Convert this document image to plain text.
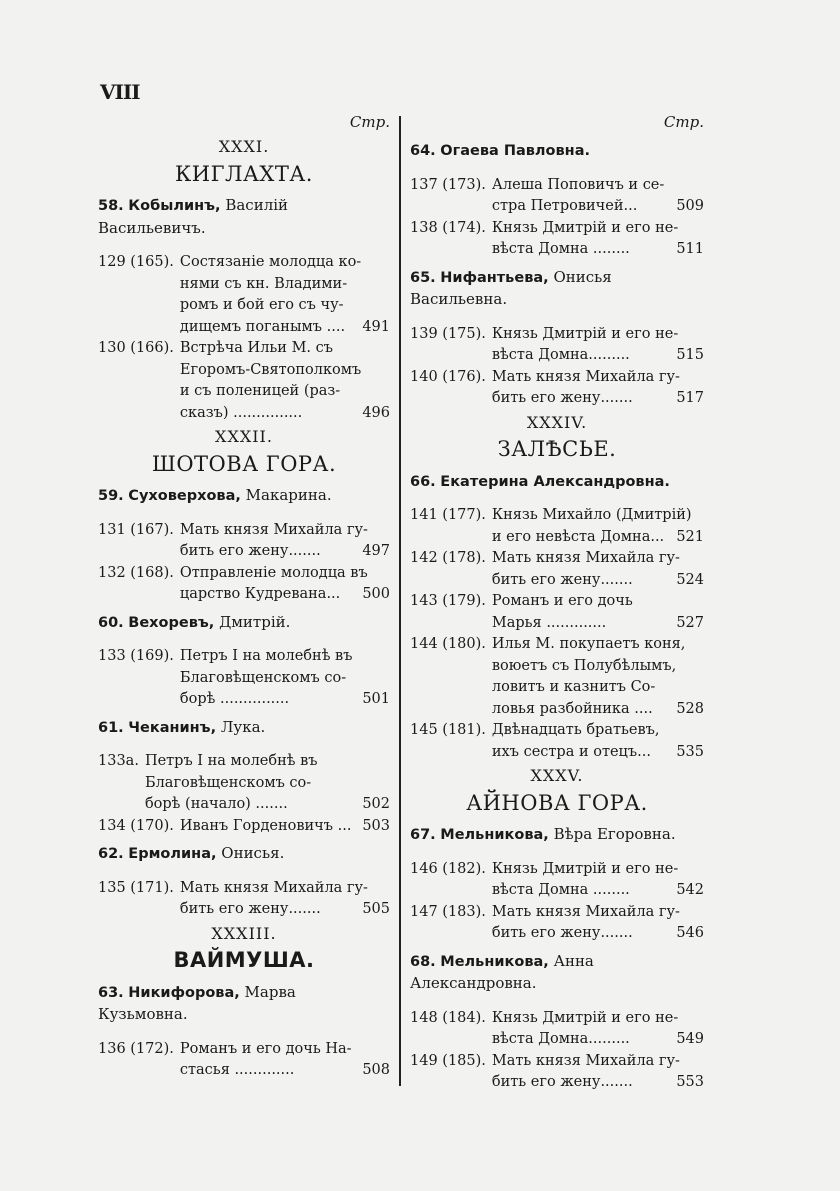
VIII
Стр.
XXXI.
КИГЛАХТА.
58. Кобылинъ, Василій Васильевичъ.
129 (165). Состязаніе молодца ко-
нями съ кн. Владими-
ромъ и бой его съ чу-
дищемъ поганымъ ....	491
130 (166). Встрѣча Ильи М. съ
Егоромъ-Святополкомъ
и съ поленицей (раз-
сказъ) ...............	496
XXXII.
ШОТОВА ГОРА.
59. Суховерхова, Макарина.
131 (167). Мать князя Михайла гу-
бить его жену.......	497
132 (168). Отправленіе молодца въ
царство Кудревана...	500
60. Вехоревъ, Дмитрій.
133 (169). Петръ I на молебнѣ въ
Благовѣщенскомъ со-
борѣ ...............	501
61. Чеканинъ, Лука.
133a. Петръ I на молебнѣ въ
Благовѣщенскомъ со-
борѣ (начало) .......	502
134 (170). Иванъ Горденовичъ ... 503
62. Ермолина, Онисья.
135 (171). Мать князя Михайла гу-
бить его жену.......	505
XXXIII.
ВАЙМУША.
63. Никифорова, Марва Кузьмовна.
136 (172). Романъ и его дочь На-
стасья .............	508
Стр.
64. Огаева Павловна.
137 (173). Алеша Поповичъ и се-
стра Петровичей...	509
138 (174). Князь Дмитрій и его не-
вѣста Домна ........	511
65. Нифантьева, Онисья Васильевна.
139 (175). Князь Дмитрій и его не-
вѣста Домна.........	515
140 (176). Мать князя Михайла гу-
бить его жену.......	517
XXXIV.
ЗАЛѢСЬЕ.
66. Екатерина Александровна.
141 (177). Князь Михайло (Дмитрій)
и его невѣста Домна... 521
142 (178). Мать князя Михайла гу-
бить его жену.......	524
143 (179). Романъ и его дочь
Марья .............	527
144 (180). Илья М. покупаетъ коня,
воюетъ съ Полубѣлымъ,
ловитъ и казнитъ Со-
ловья разбойника ....	528
145 (181). Двѣнадцать братьевъ,
ихъ сестра и отецъ...	535
XXXV.
АЙНОВА ГОРА.
67. Мельникова, Вѣра Егоровна.
146 (182). Князь Дмитрій и его не-
вѣста Домна ........	542
147 (183). Мать князя Михайла гу-
бить его жену.......	546
68. Мельникова, Анна Александровна.
148 (184). Князь Дмитрій и его не-
вѣста Домна.........	549
149 (185). Мать князя Михайла гу-
бить его жену.......	553
